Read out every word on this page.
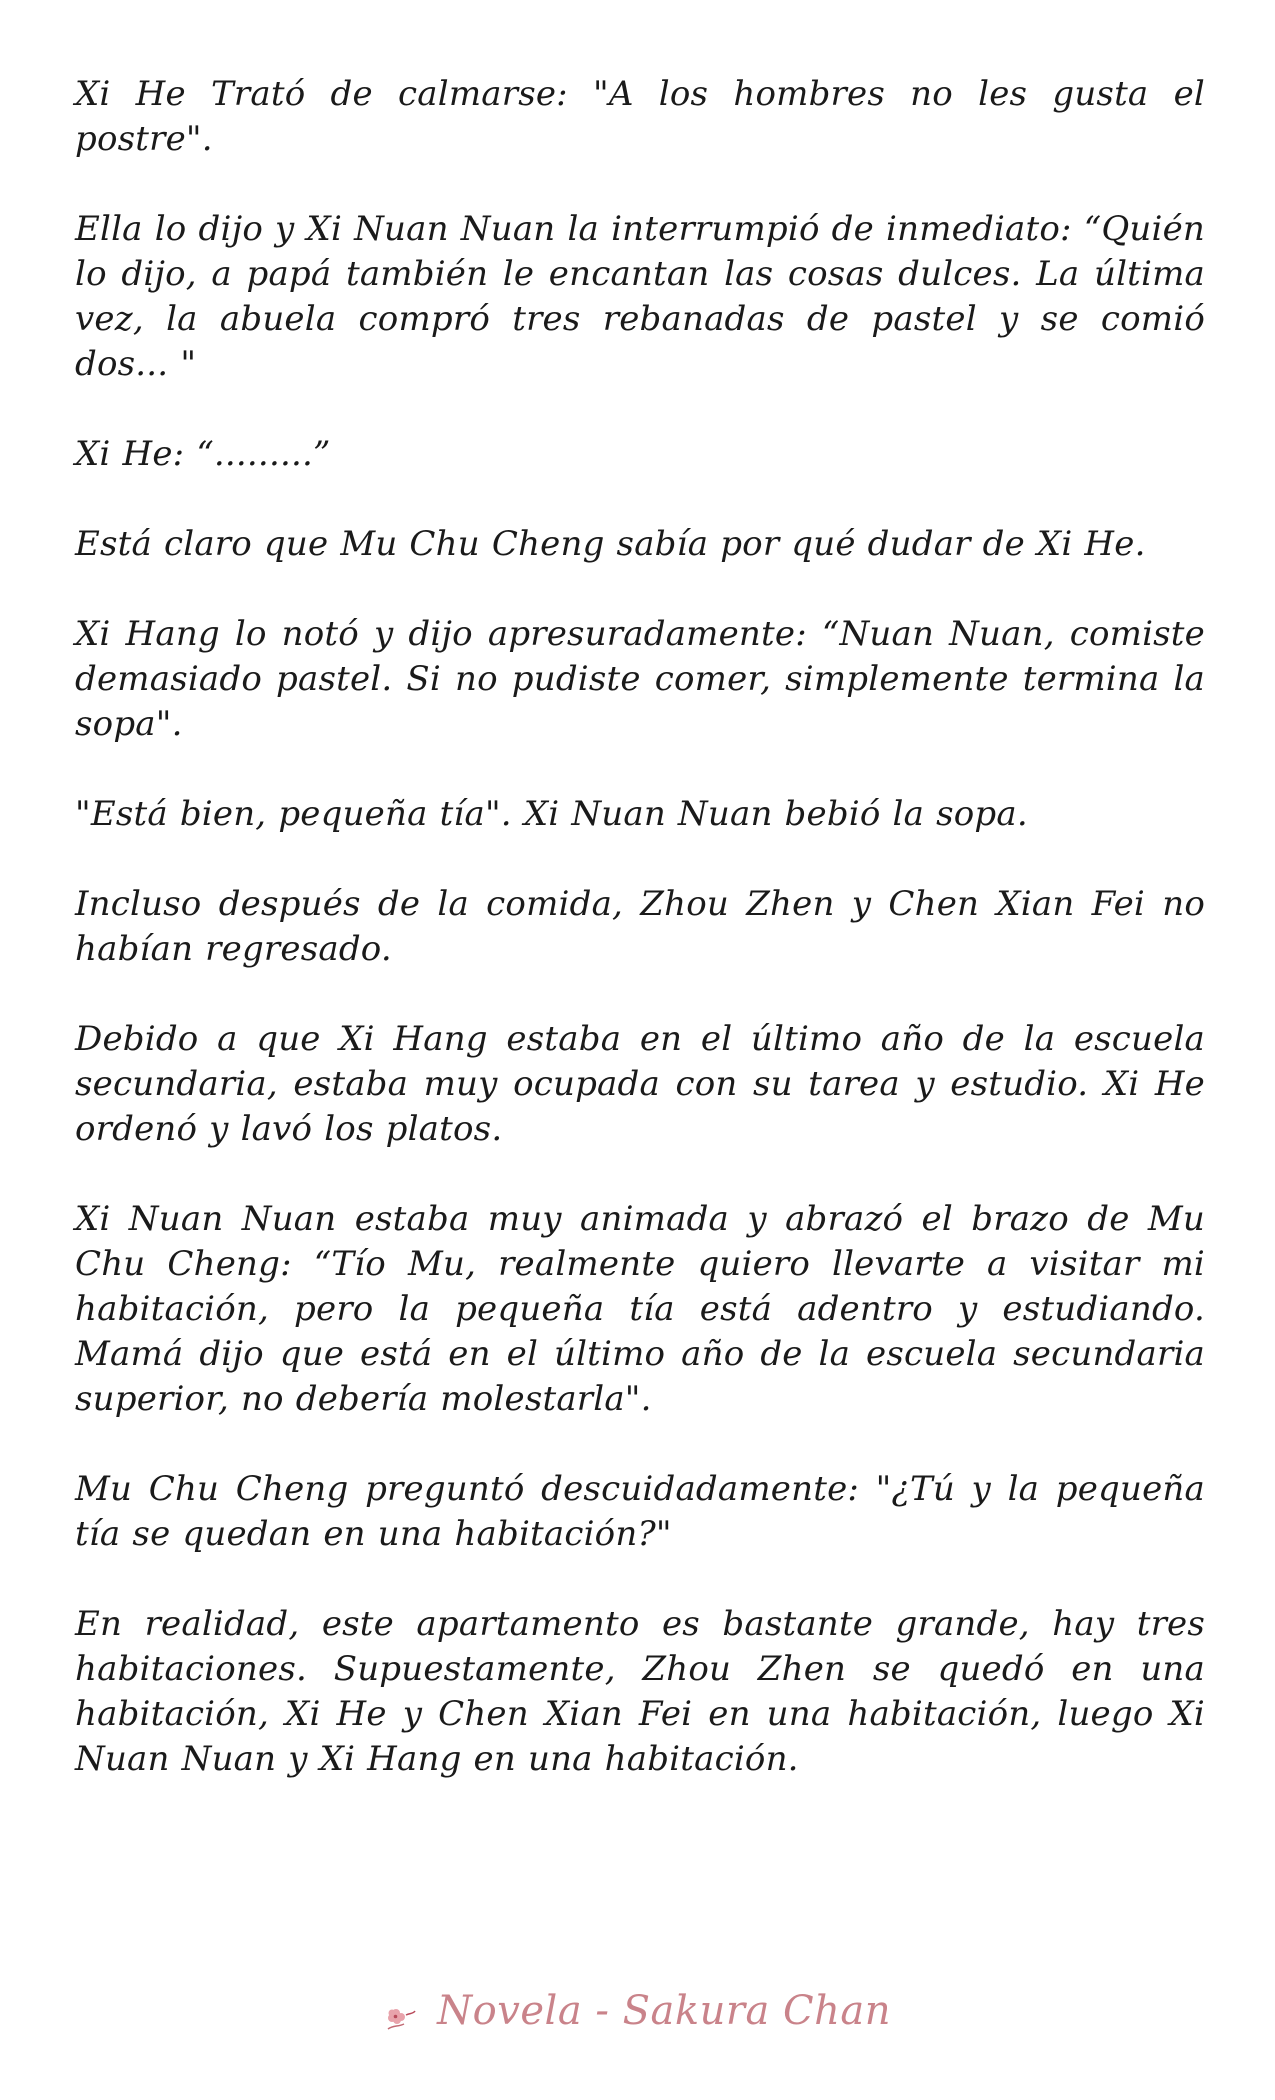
Xi He Trató de calmarse: "A los hombres no les gusta el postre".

Ella lo dijo y Xi Nuan Nuan la interrumpió de inmediato: “Quién lo dijo, a papá también le encantan las cosas dulces. La última vez, la abuela compró tres rebanadas de pastel y se comió dos... "

Xi He: “.........”

Está claro que Mu Chu Cheng sabía por qué dudar de Xi He.

Xi Hang lo notó y dijo apresuradamente: “Nuan Nuan, comiste demasiado pastel. Si no pudiste comer, simplemente termina la sopa".

"Está bien, pequeña tía". Xi Nuan Nuan bebió la sopa.

Incluso después de la comida, Zhou Zhen y Chen Xian Fei no habían regresado.

Debido a que Xi Hang estaba en el último año de la escuela secundaria, estaba muy ocupada con su tarea y estudio. Xi He ordenó y lavó los platos.

Xi Nuan Nuan estaba muy animada y abrazó el brazo de Mu Chu Cheng: “Tío Mu, realmente quiero llevarte a visitar mi habitación, pero la pequeña tía está adentro y estudiando. Mamá dijo que está en el último año de la escuela secundaria superior, no debería molestarla".

Mu Chu Cheng preguntó descuidadamente: "¿Tú y la pequeña tía se quedan en una habitación?"

En realidad, este apartamento es bastante grande, hay tres habitaciones. Supuestamente, Zhou Zhen se quedó en una habitación, Xi He y Chen Xian Fei en una habitación, luego Xi Nuan Nuan y Xi Hang en una habitación.

Novela - Sakura Chan
